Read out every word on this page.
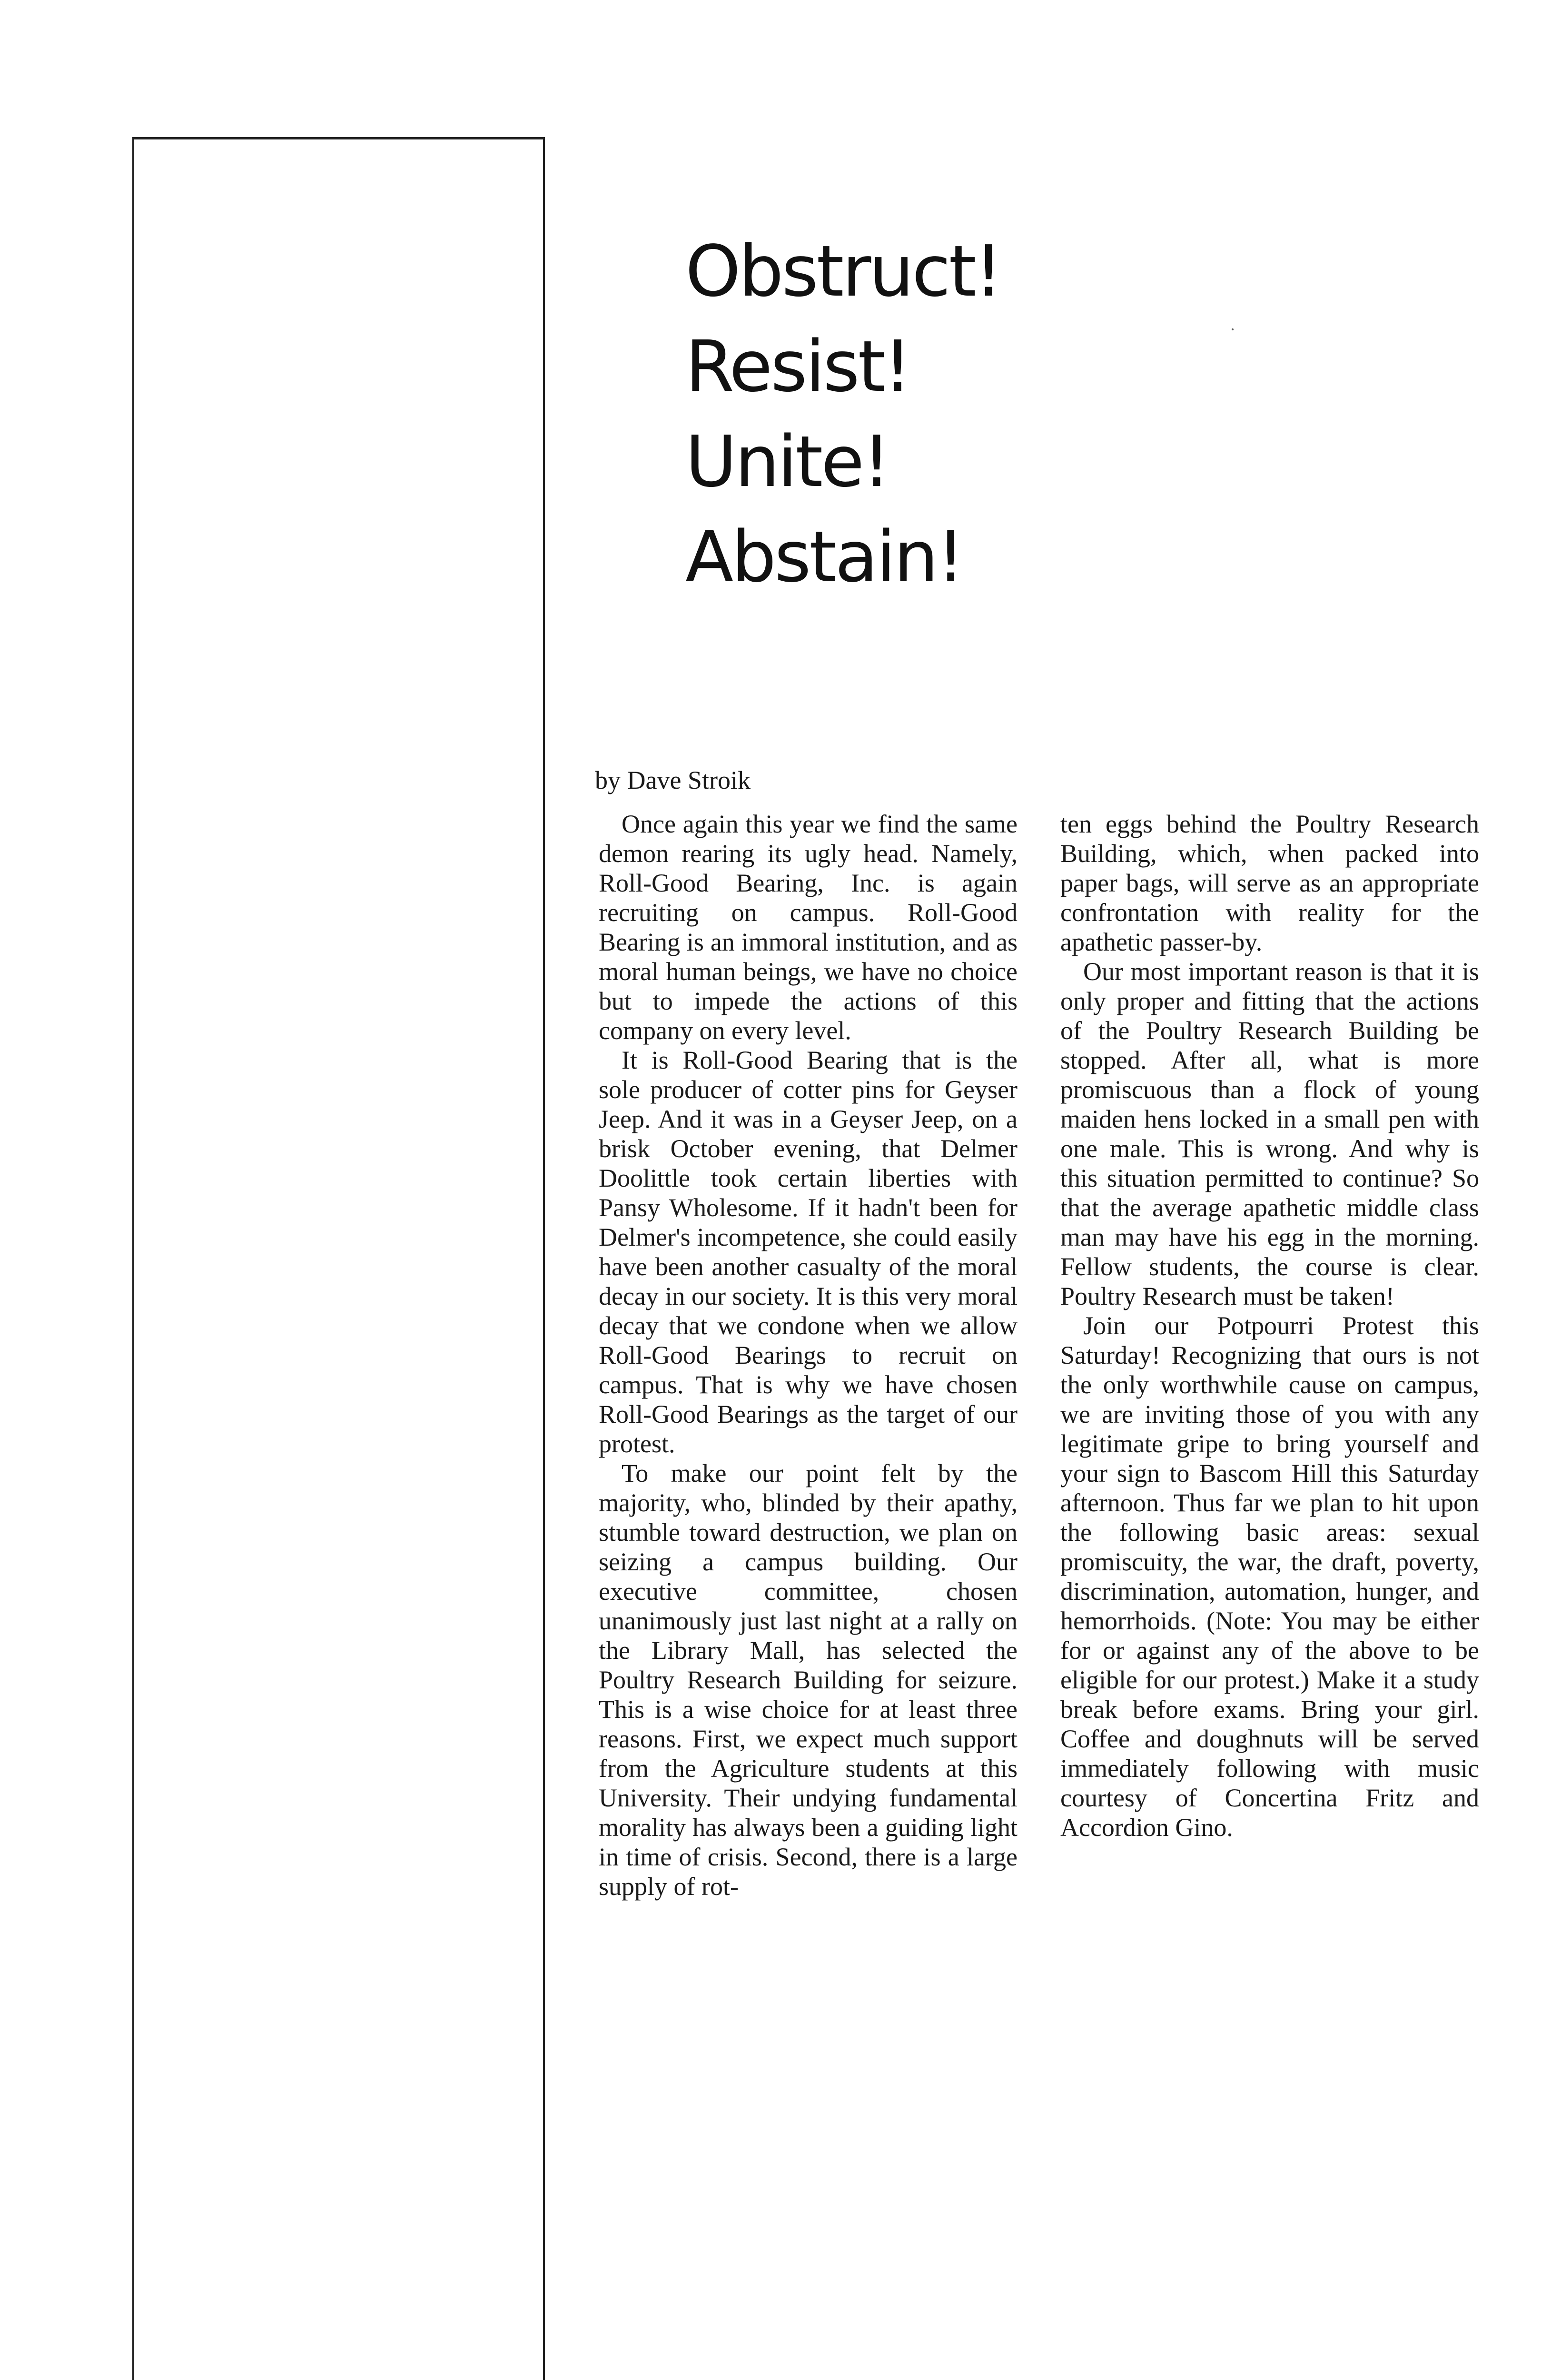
Obstruct!
Resist!
Unite!
Abstain!

by Dave Stroik

Once again this year we find the same demon rearing its ugly head. Namely, Roll-Good Bearing, Inc. is again recruiting on campus. Roll-Good Bearing is an immoral institution, and as moral human beings, we have no choice but to impede the actions of this company on every level.

It is Roll-Good Bearing that is the sole producer of cotter pins for Geyser Jeep. And it was in a Geyser Jeep, on a brisk October evening, that Delmer Doolittle took certain liberties with Pansy Wholesome. If it hadn't been for Delmer's incompetence, she could easily have been another casualty of the moral decay in our society. It is this very moral decay that we condone when we allow Roll-Good Bearings to recruit on campus. That is why we have chosen Roll-Good Bearings as the target of our protest.

To make our point felt by the majority, who, blinded by their apathy, stumble toward destruction, we plan on seizing a campus building. Our executive committee, chosen unanimously just last night at a rally on the Library Mall, has selected the Poultry Research Building for seizure. This is a wise choice for at least three reasons. First, we expect much support from the Agriculture students at this University. Their undying fundamental morality has always been a guiding light in time of crisis. Second, there is a large supply of rot-

ten eggs behind the Poultry Research Building, which, when packed into paper bags, will serve as an appropriate confrontation with reality for the apathetic passer-by.

Our most important reason is that it is only proper and fitting that the actions of the Poultry Research Building be stopped. After all, what is more promiscuous than a flock of young maiden hens locked in a small pen with one male. This is wrong. And why is this situation permitted to continue? So that the average apathetic middle class man may have his egg in the morning. Fellow students, the course is clear. Poultry Research must be taken!

Join our Potpourri Protest this Saturday! Recognizing that ours is not the only worthwhile cause on campus, we are inviting those of you with any legitimate gripe to bring yourself and your sign to Bascom Hill this Saturday afternoon. Thus far we plan to hit upon the following basic areas: sexual promiscuity, the war, the draft, poverty, discrimination, automation, hunger, and hemorrhoids. (Note: You may be either for or against any of the above to be eligible for our protest.) Make it a study break before exams. Bring your girl. Coffee and doughnuts will be served immediately following with music courtesy of Concertina Fritz and Accordion Gino.
